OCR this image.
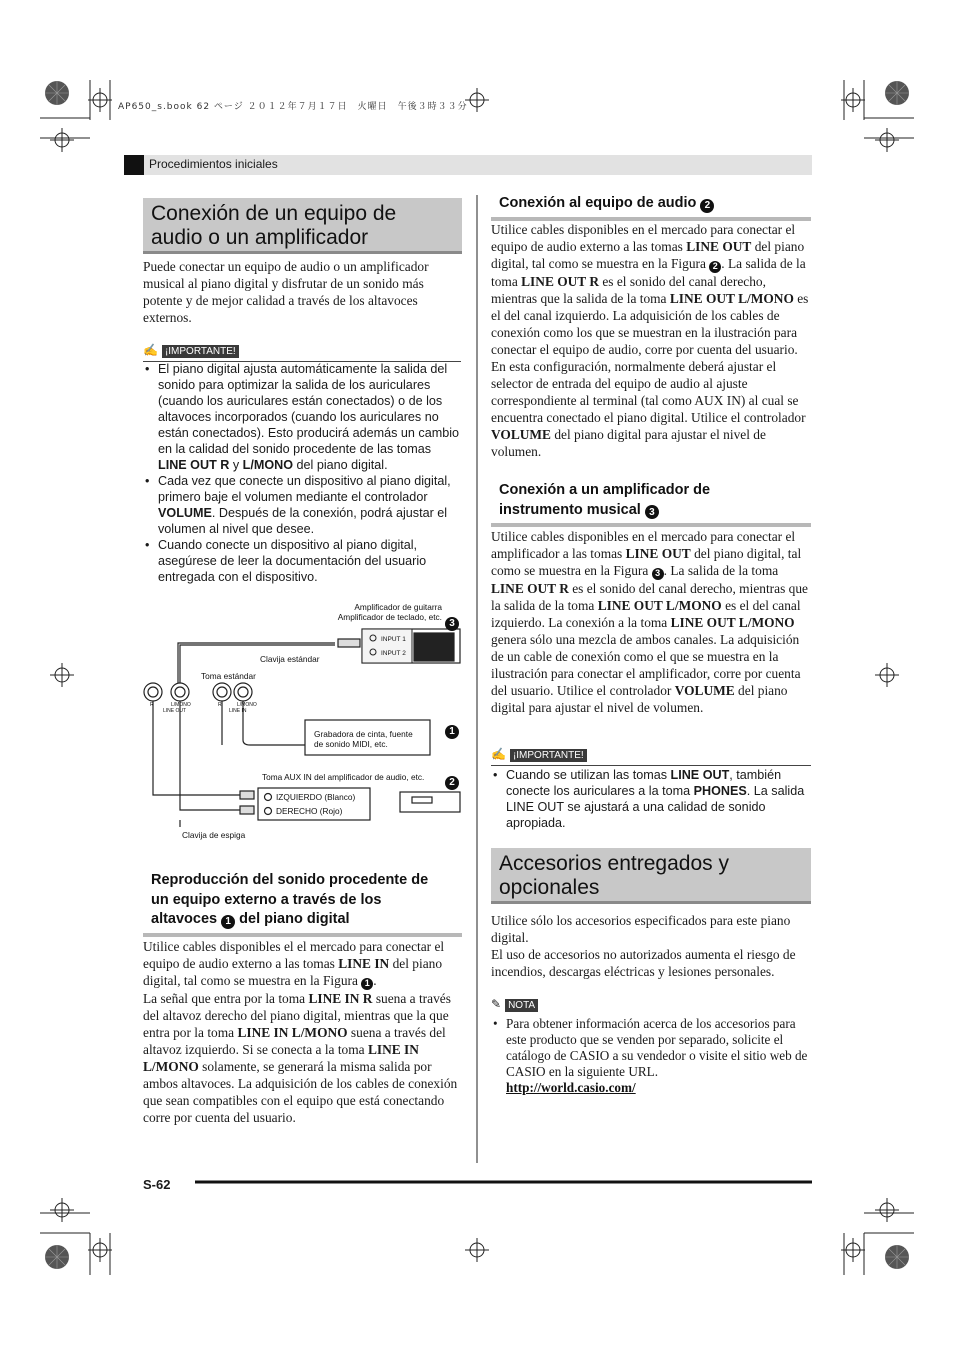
AP650_s.book 62 ページ ２０１２年７月１７日　火曜日　午後３時３３分
Procedimientos iniciales
Conexión de un equipo de
audio o un amplificador
Puede conectar un equipo de audio o un amplificador musical al piano digital y disfrutar de un sonido más potente y de mejor calidad a través de los altavoces externos.
✍ ¡IMPORTANTE!
• El piano digital ajusta automáticamente la salida del sonido para optimizar la salida de los auriculares (cuando los auriculares están conectados) o de los altavoces incorporados (cuando los auriculares no están conectados). Esto producirá además un cambio en la calidad del sonido procedente de las tomas LINE OUT R y L/MONO del piano digital.
• Cada vez que conecte un dispositivo al piano digital, primero baje el volumen mediante el controlador VOLUME. Después de la conexión, podrá ajustar el volumen al nivel que desee.
• Cuando conecte un dispositivo al piano digital, asegúrese de leer la documentación del usuario entregada con el dispositivo.
Amplificador de guitarra
Amplificador de teclado, etc.
3
INPUT 1
INPUT 2
Clavija estándar
Toma estándar
R	L/MONO
LINE OUT
R	L/MONO
LINE IN
Grabadora de cinta, fuente
de sonido MIDI, etc.
1
Toma AUX IN del amplificador de audio, etc.	2
IZQUIERDO (Blanco)
DERECHO (Rojo)
Clavija de espiga
Reproducción del sonido procedente de
un equipo externo a través de los
altavoces 1 del piano digital
Utilice cables disponibles el el mercado para conectar el equipo de audio externo a las tomas LINE IN del piano digital, tal como se muestra en la Figura 1 .
La señal que entra por la toma LINE IN R suena a través del altavoz derecho del piano digital, mientras que la que entra por la toma LINE IN L/MONO suena a través del altavoz izquierdo. Si se conecta a la toma LINE IN L/MONO solamente, se generará la misma salida por ambos altavoces. La adquisición de los cables de conexión que sean compatibles con el equipo que está conectando corre por cuenta del usuario.
Conexión al equipo de audio 2
Utilice cables disponibles en el mercado para conectar el equipo de audio externo a las tomas LINE OUT del piano digital, tal como se muestra en la Figura 2 . La salida de la toma LINE OUT R es el sonido del canal derecho, mientras que la salida de la toma LINE OUT L/MONO es el del canal izquierdo. La adquisición de los cables de conexión como los que se muestran en la ilustración para conectar el equipo de audio, corre por cuenta del usuario. En esta configuración, normalmente deberá ajustar el selector de entrada del equipo de audio al ajuste correspondiente al terminal (tal como AUX IN) al cual se encuentra conectado el piano digital. Utilice el controlador VOLUME del piano digital para ajustar el nivel de volumen.
Conexión a un amplificador de
instrumento musical 3
Utilice cables disponibles en el mercado para conectar el amplificador a las tomas LINE OUT del piano digital, tal como se muestra en la Figura 3 . La salida de la toma LINE OUT R es el sonido del canal derecho, mientras que la salida de la toma LINE OUT L/MONO es el del canal izquierdo. La conexión a la toma LINE OUT L/MONO genera sólo una mezcla de ambos canales. La adquisición de un cable de conexión como el que se muestra en la ilustración para conectar el amplificador, corre por cuenta del usuario. Utilice el controlador VOLUME del piano digital para ajustar el nivel de volumen.
✍ ¡IMPORTANTE!
• Cuando se utilizan las tomas LINE OUT, también conecte los auriculares a la toma PHONES. La salida LINE OUT se ajustará a una calidad de sonido apropiada.
Accesorios entregados y
opcionales
Utilice sólo los accesorios especificados para este piano digital.
El uso de accesorios no autorizados aumenta el riesgo de incendios, descargas eléctricas y lesiones personales.
✎ NOTA
• Para obtener información acerca de los accesorios para este producto que se venden por separado, solicite el catálogo de CASIO a su vendedor o visite el sitio web de CASIO en la siguiente URL.
http://world.casio.com/
S-62
